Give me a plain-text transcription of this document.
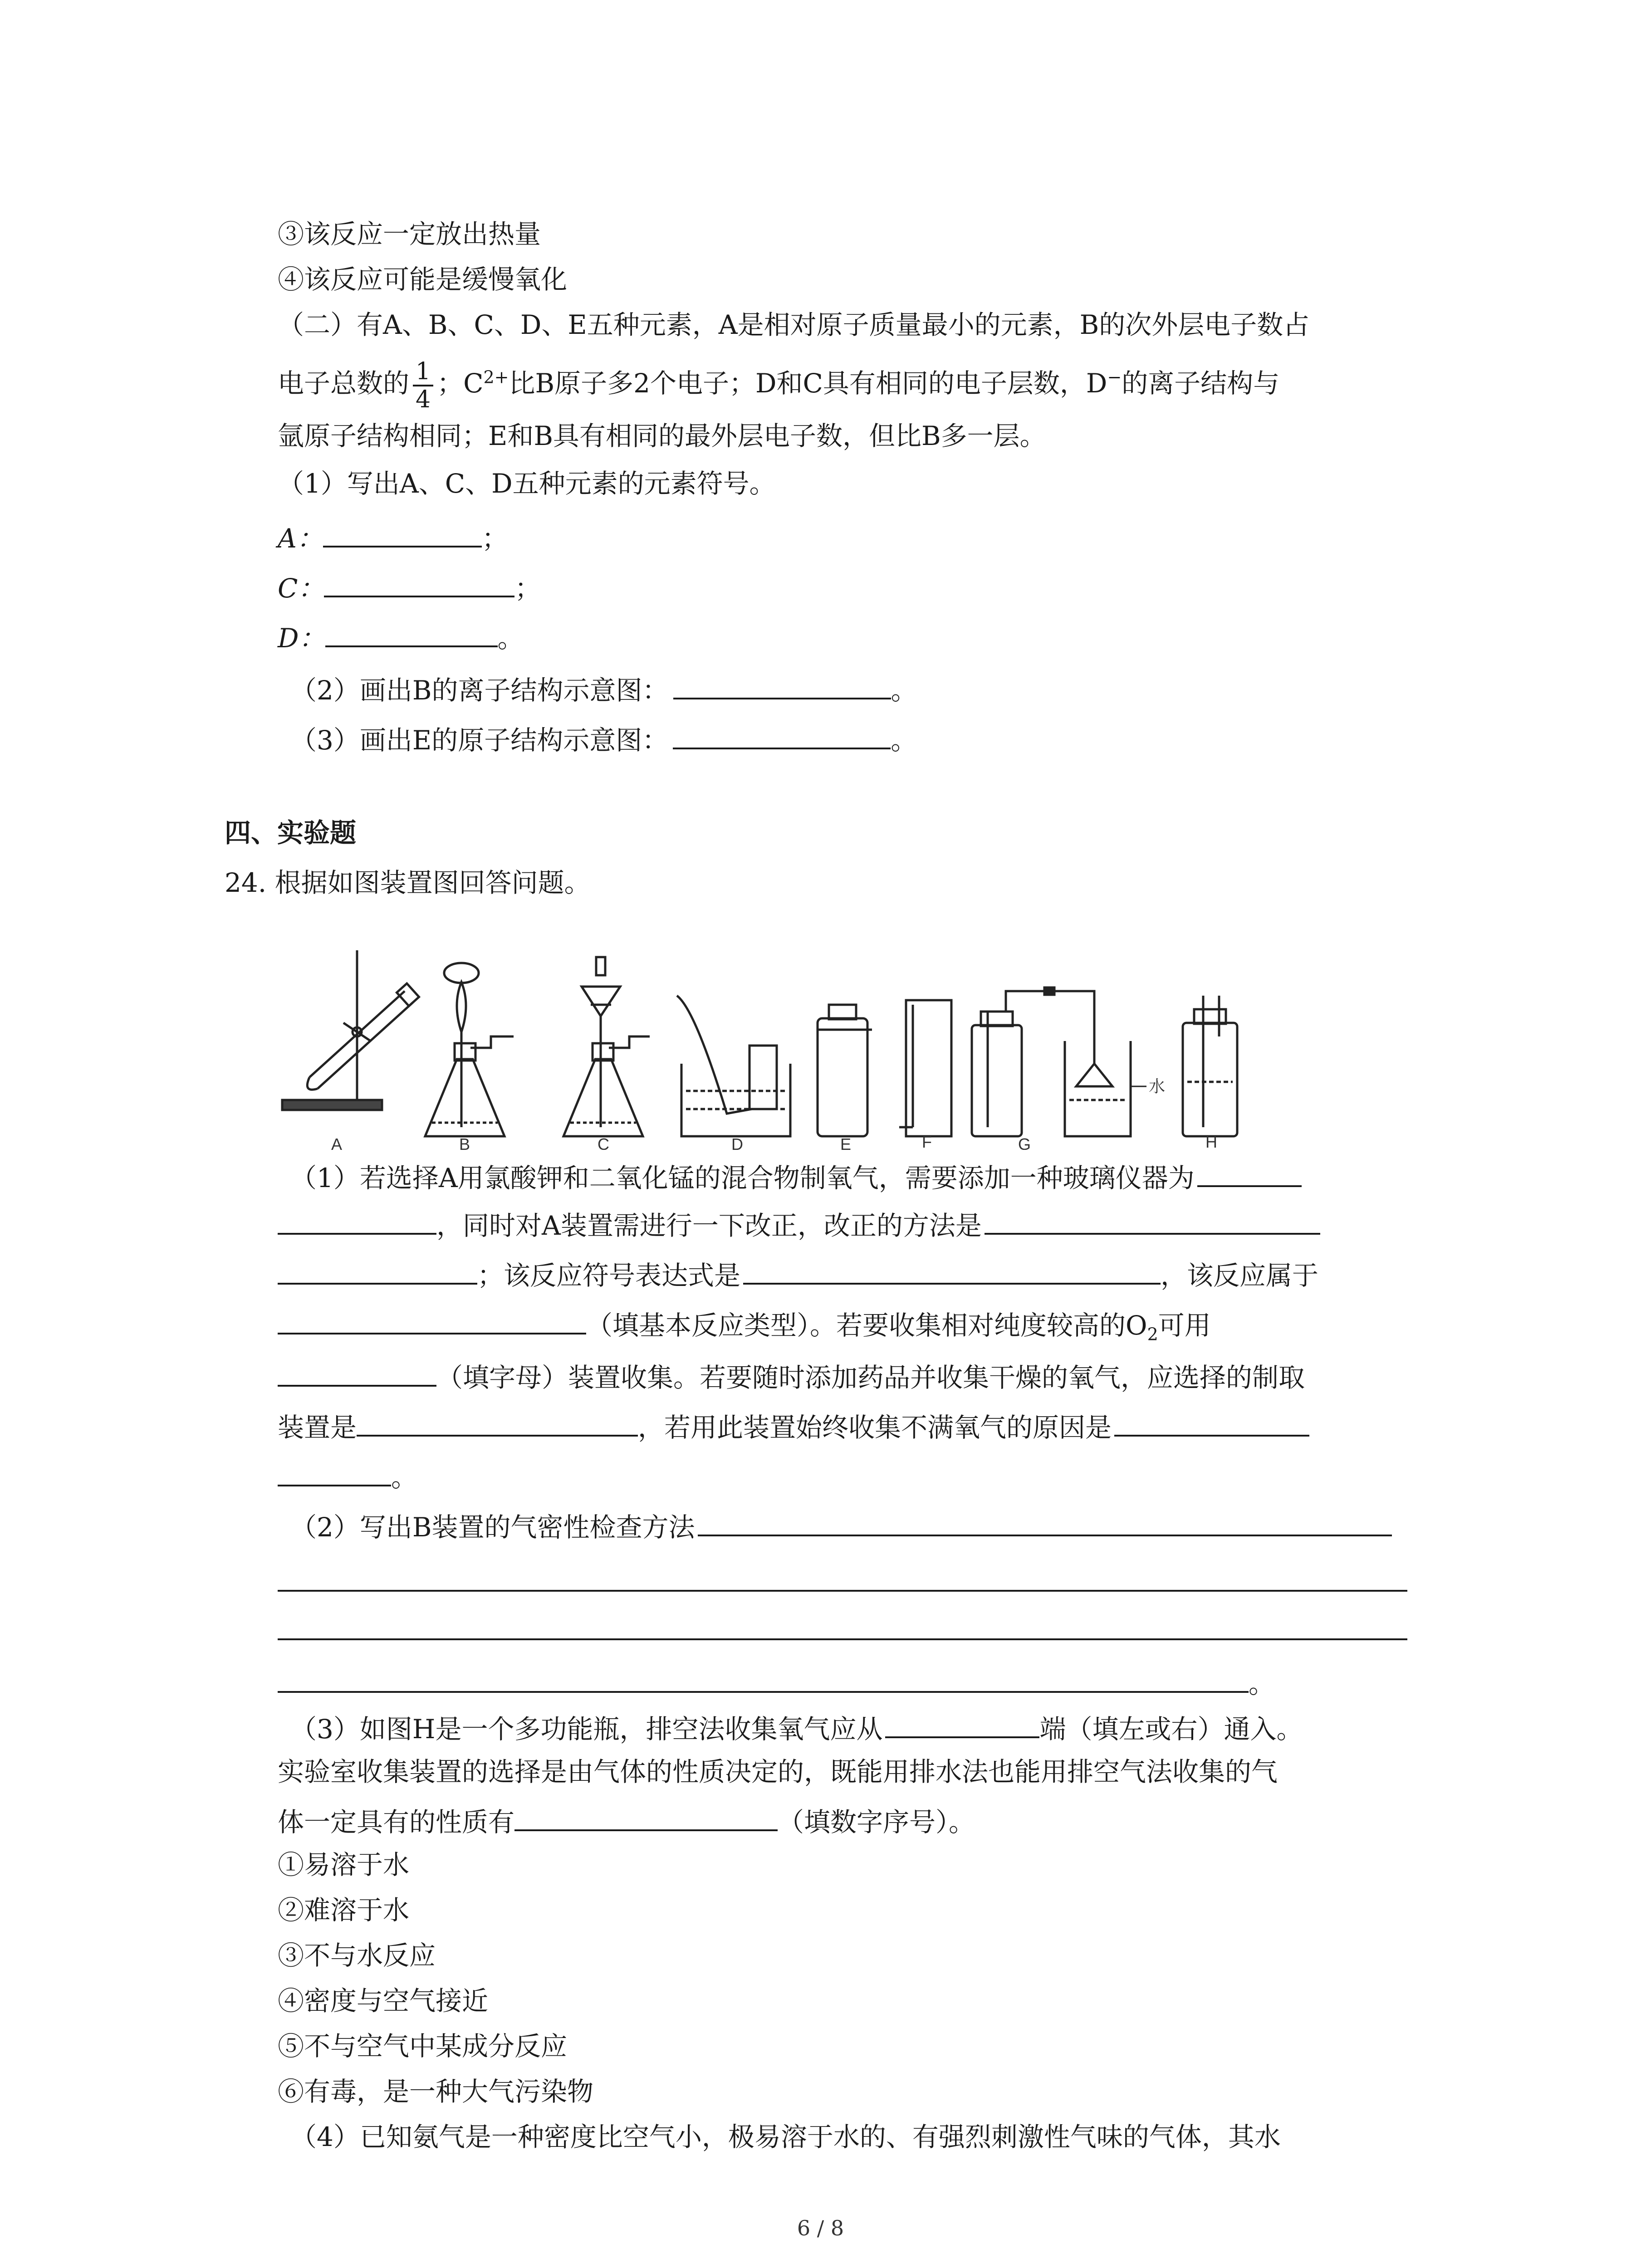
③该反应一定放出热量
④该反应可能是缓慢氧化
（二）有A、B、C、D、E五种元素，A是相对原子质量最小的元素，B的次外层电子数占
电子总数的 $\frac{1}{4}$ ；$C^{2+}$比B原子多2个电子；D和C具有相同的电子层数，D−的离子结构与
氩原子结构相同；E和B具有相同的最外层电子数，但比B多一层。
（1）写出A、C、D五种元素的元素符号。
A：	；
C：	；
D：	。
（2）画出B的离子结构示意图：	。
（3）画出E的原子结构示意图：	。
四、实验题
24. 根据如图装置图回答问题。
水
A	B	C	D	E	F	G	H
（1）若选择A用氯酸钾和二氧化锰的混合物制氧气，需要添加一种玻璃仪器为
，同时对A装置需进行一下改正，改正的方法是
；该反应符号表达式是	，该反应属于
（填基本反应类型）。若要收集相对纯度较高的$O_2$可用
（填字母）装置收集。若要随时添加药品并收集干燥的氧气，应选择的制取
装置是	，若用此装置始终收集不满氧气的原因是
。
（2）写出B装置的气密性检查方法
。
（3）如图H是一个多功能瓶，排空法收集氧气应从	端（填左或右）通入。
实验室收集装置的选择是由气体的性质决定的，既能用排水法也能用排空气法收集的气
体一定具有的性质有	（填数字序号）。
①易溶于水
②难溶于水
③不与水反应
④密度与空气接近
⑤不与空气中某成分反应
⑥有毒，是一种大气污染物
（4）已知氨气是一种密度比空气小，极易溶于水的、有强烈刺激性气味的气体，其水
6 / 8
